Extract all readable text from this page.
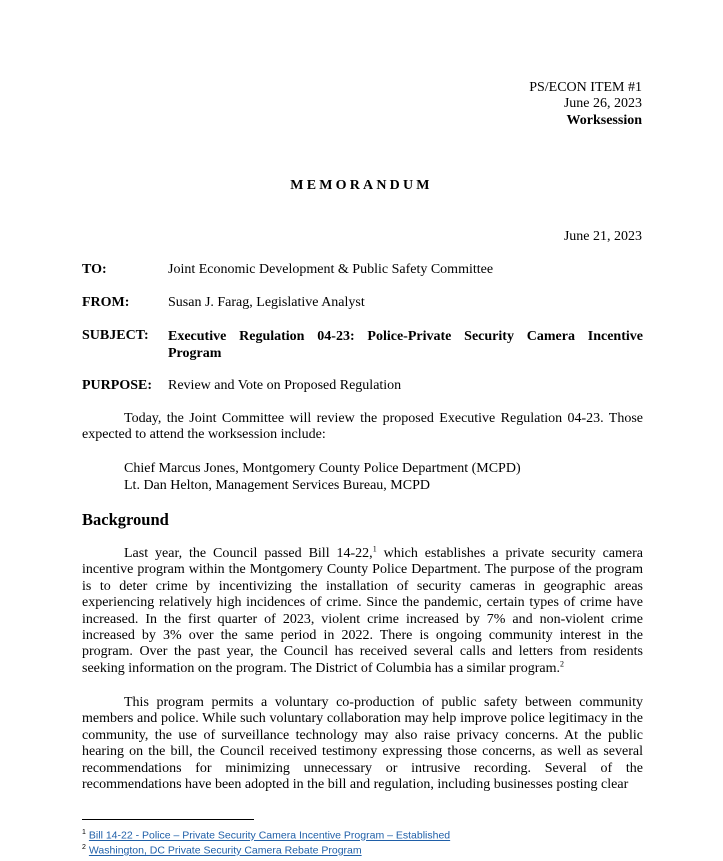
PS/ECON ITEM #1
June 26, 2023
Worksession
MEMORANDUM
June 21, 2023
TO:	Joint Economic Development & Public Safety Committee
FROM:	Susan J. Farag, Legislative Analyst
SUBJECT: Executive Regulation 04-23: Police-Private Security Camera Incentive Program
PURPOSE: Review and Vote on Proposed Regulation
Today, the Joint Committee will review the proposed Executive Regulation 04-23. Those expected to attend the worksession include:
Chief Marcus Jones, Montgomery County Police Department (MCPD)
Lt. Dan Helton, Management Services Bureau, MCPD
Background
Last year, the Council passed Bill 14-22,$^1$ which establishes a private security camera incentive program within the Montgomery County Police Department. The purpose of the program is to deter crime by incentivizing the installation of security cameras in geographic areas experiencing relatively high incidences of crime. Since the pandemic, certain types of crime have increased. In the first quarter of 2023, violent crime increased by 7% and non-violent crime increased by 3% over the same period in 2022. There is ongoing community interest in the program. Over the past year, the Council has received several calls and letters from residents seeking information on the program. The District of Columbia has a similar program.$^2$
This program permits a voluntary co-production of public safety between community members and police. While such voluntary collaboration may help improve police legitimacy in the community, the use of surveillance technology may also raise privacy concerns. At the public hearing on the bill, the Council received testimony expressing those concerns, as well as several recommendations for minimizing unnecessary or intrusive recording. Several of the recommendations have been adopted in the bill and regulation, including businesses posting clear
$^1$ Bill 14-22 - Police – Private Security Camera Incentive Program – Established
$^2$ Washington, DC Private Security Camera Rebate Program
